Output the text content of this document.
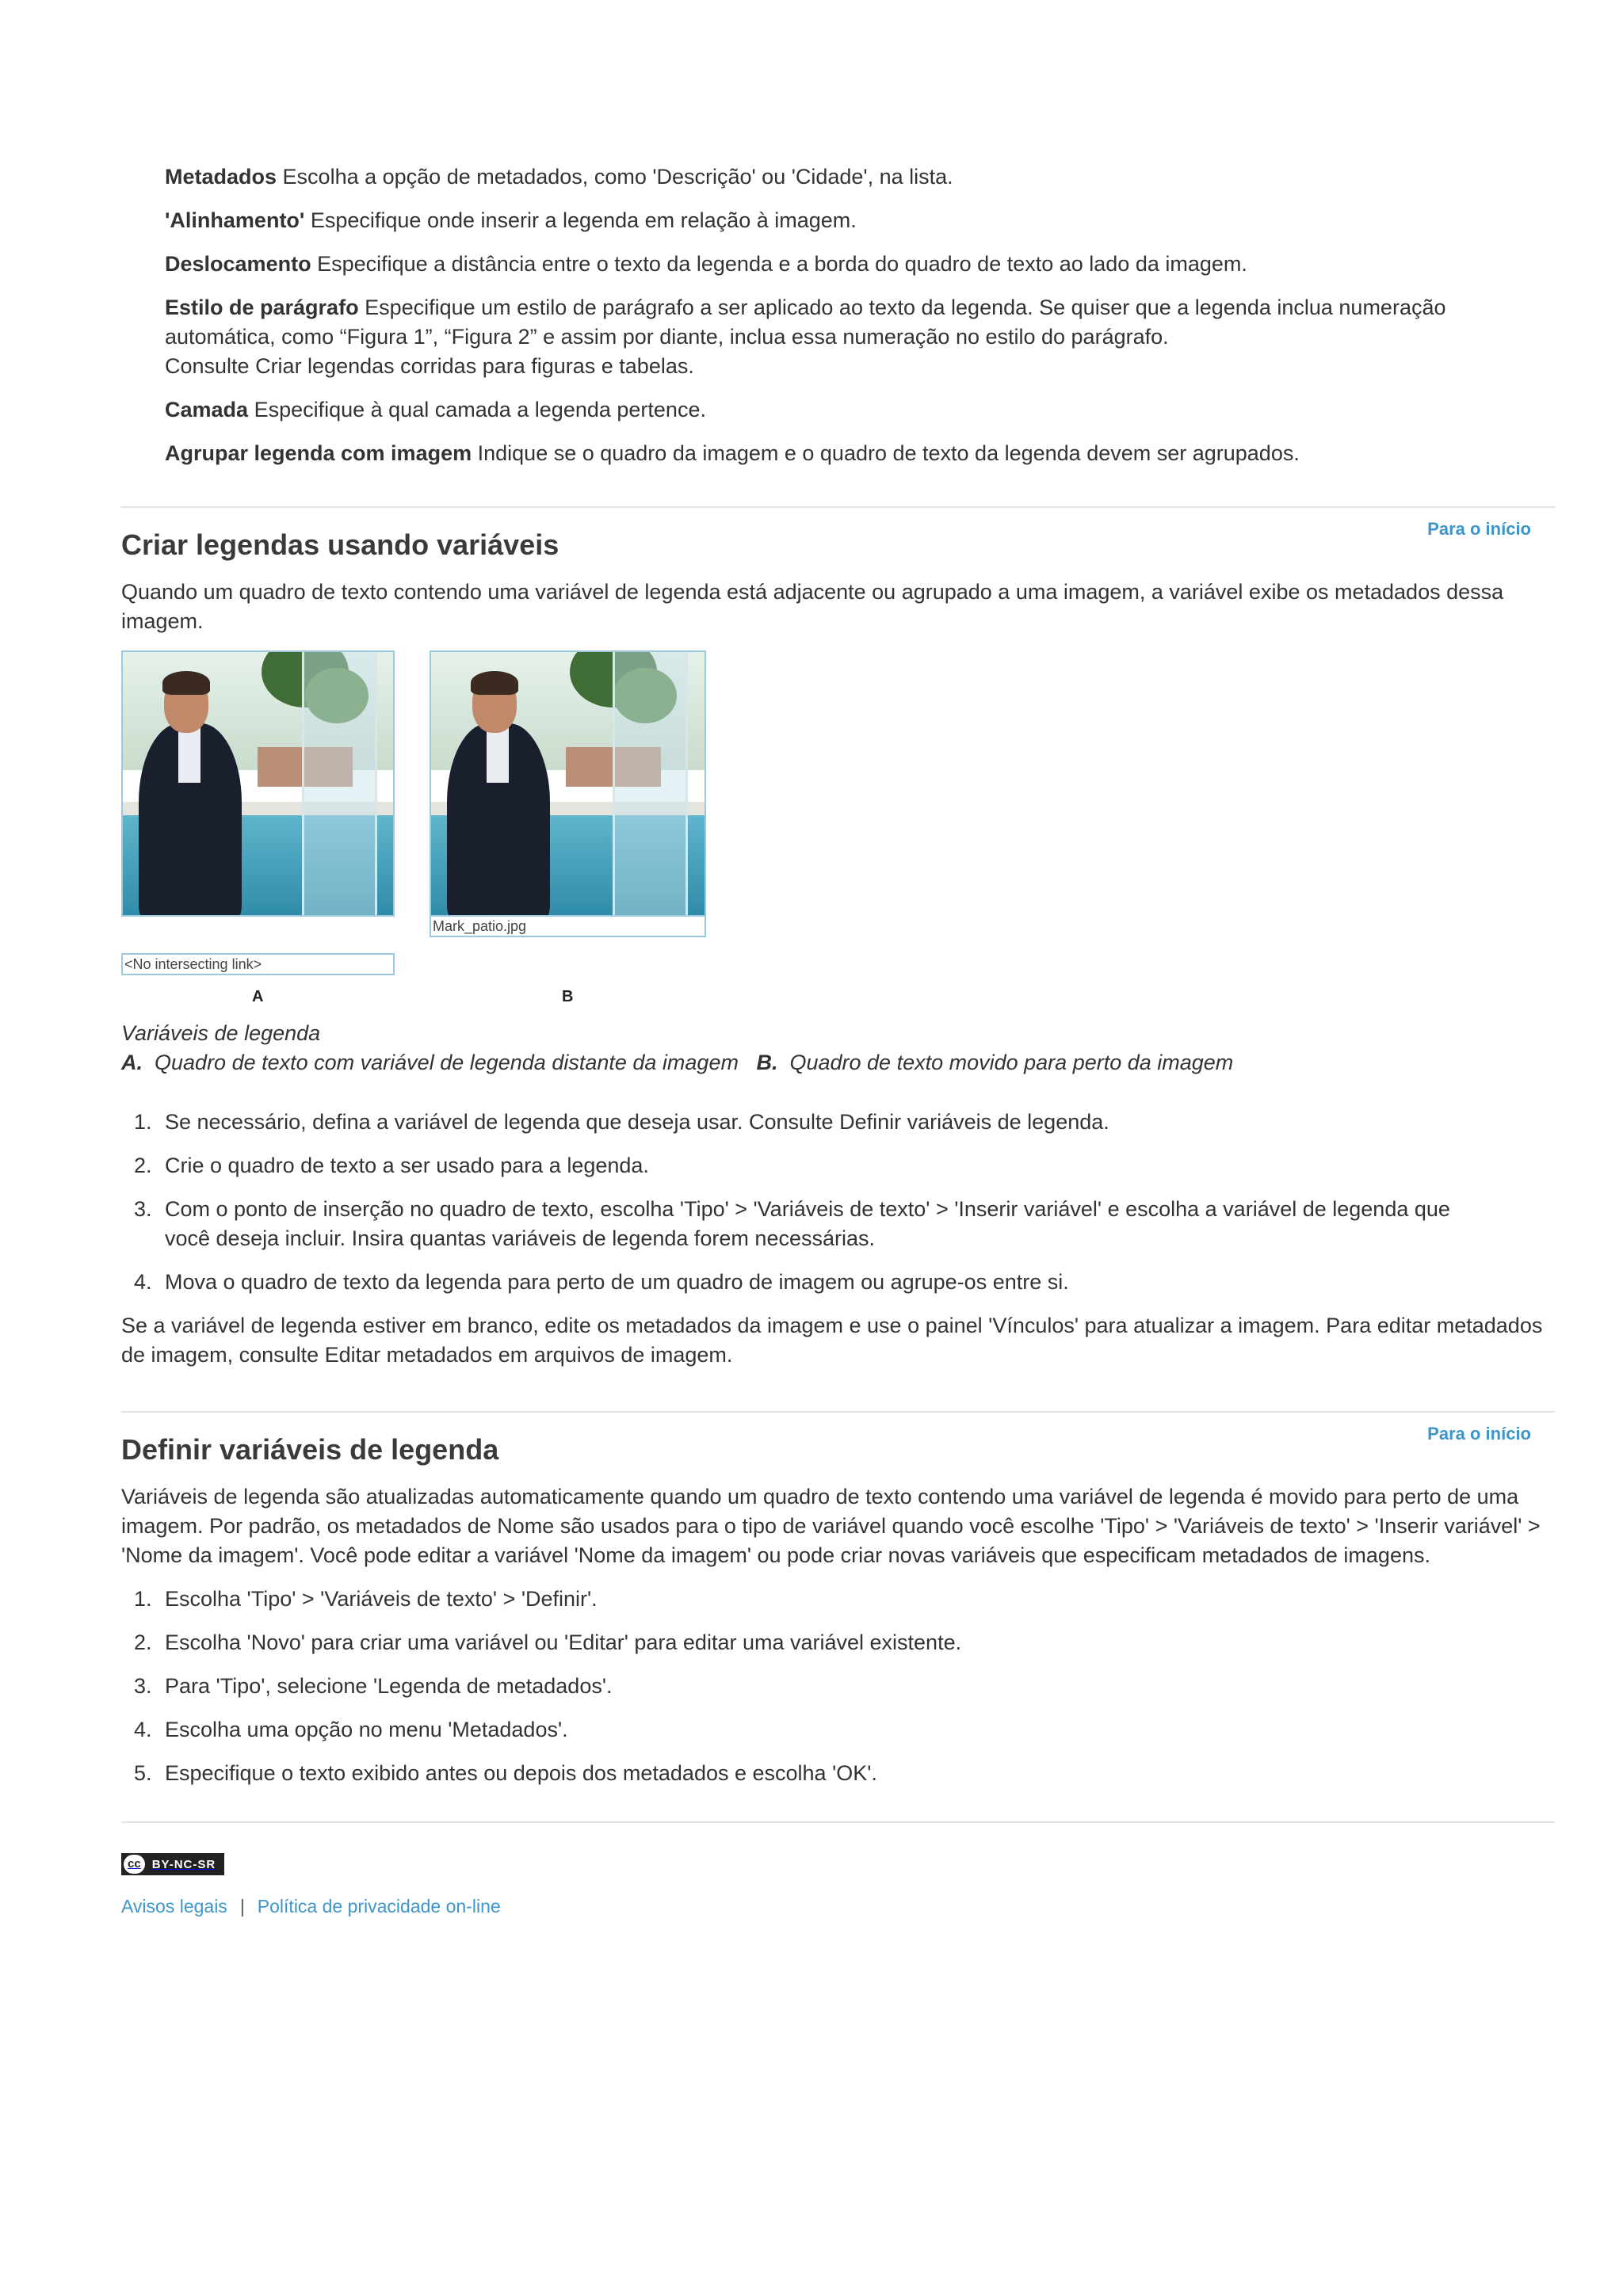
Metadados Escolha a opção de metadados, como 'Descrição' ou 'Cidade', na lista.

'Alinhamento' Especifique onde inserir a legenda em relação à imagem.

Deslocamento Especifique a distância entre o texto da legenda e a borda do quadro de texto ao lado da imagem.

Estilo de parágrafo Especifique um estilo de parágrafo a ser aplicado ao texto da legenda. Se quiser que a legenda inclua numeração automática, como “Figura 1”, “Figura 2” e assim por diante, inclua essa numeração no estilo do parágrafo.
Consulte Criar legendas corridas para figuras e tabelas.

Camada Especifique à qual camada a legenda pertence.

Agrupar legenda com imagem Indique se o quadro da imagem e o quadro de texto da legenda devem ser agrupados.

Criar legendas usando variáveis	Para o início

Quando um quadro de texto contendo uma variável de legenda está adjacente ou agrupado a uma imagem, a variável exibe os metadados dessa imagem.

<No intersecting link>
A
Mark_patio.jpg
B

Variáveis de legenda

A. Quadro de texto com variável de legenda distante da imagem B. Quadro de texto movido para perto da imagem

1. Se necessário, defina a variável de legenda que deseja usar. Consulte Definir variáveis de legenda.
2. Crie o quadro de texto a ser usado para a legenda.
3. Com o ponto de inserção no quadro de texto, escolha 'Tipo' > 'Variáveis de texto' > 'Inserir variável' e escolha a variável de legenda que você deseja incluir. Insira quantas variáveis de legenda forem necessárias.
4. Mova o quadro de texto da legenda para perto de um quadro de imagem ou agrupe-os entre si.

Se a variável de legenda estiver em branco, edite os metadados da imagem e use o painel 'Vínculos' para atualizar a imagem. Para editar metadados de imagem, consulte Editar metadados em arquivos de imagem.

Definir variáveis de legenda	Para o início

Variáveis de legenda são atualizadas automaticamente quando um quadro de texto contendo uma variável de legenda é movido para perto de uma imagem. Por padrão, os metadados de Nome são usados para o tipo de variável quando você escolhe 'Tipo' > 'Variáveis de texto' > 'Inserir variável' > 'Nome da imagem'. Você pode editar a variável 'Nome da imagem' ou pode criar novas variáveis que especificam metadados de imagens.

1. Escolha 'Tipo' > 'Variáveis de texto' > 'Definir'.
2. Escolha 'Novo' para criar uma variável ou 'Editar' para editar uma variável existente.
3. Para 'Tipo', selecione 'Legenda de metadados'.
4. Escolha uma opção no menu 'Metadados'.
5. Especifique o texto exibido antes ou depois dos metadados e escolha 'OK'.
cc BY-NC-SR
Avisos legais | Política de privacidade on-line
